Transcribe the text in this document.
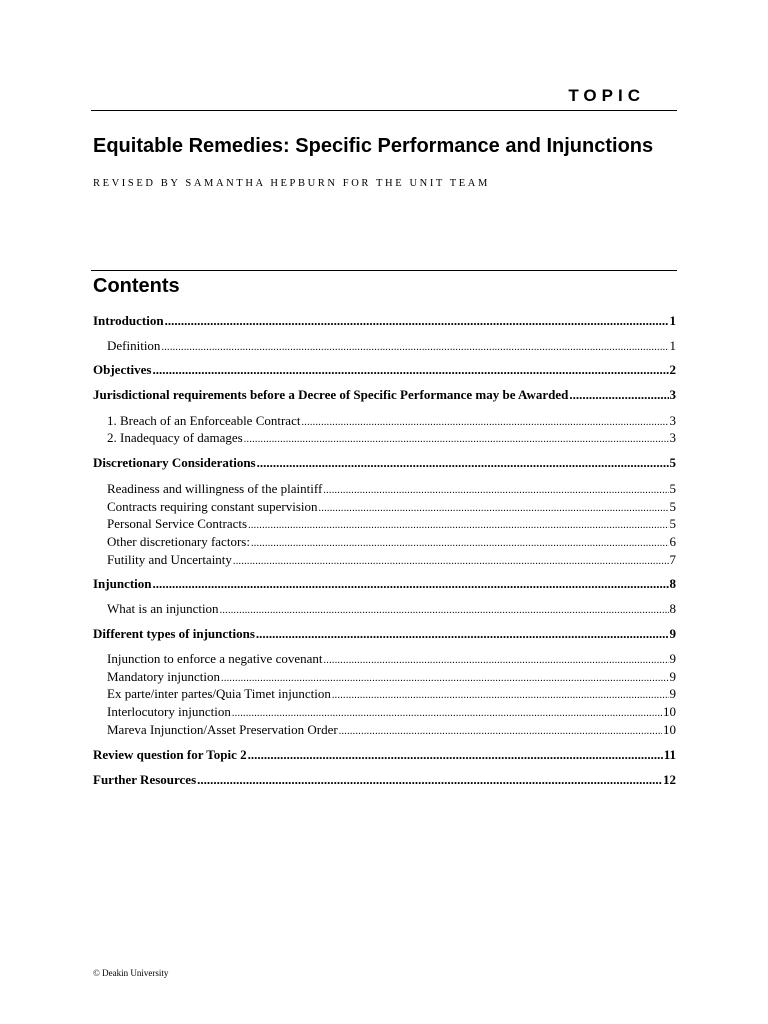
TOPIC
Equitable Remedies: Specific Performance and Injunctions
REVISED BY SAMANTHA HEPBURN FOR THE UNIT TEAM
Contents
Introduction .....	1
Definition .....	1
Objectives .....	2
Jurisdictional requirements before a Decree of Specific Performance may be Awarded .....	3
1. Breach of an Enforceable Contract .....	3
2. Inadequacy of damages .....	3
Discretionary Considerations .....	5
Readiness and willingness of the plaintiff .....	5
Contracts requiring constant supervision .....	5
Personal Service Contracts .....	5
Other discretionary factors: .....	6
Futility and Uncertainty .....	7
Injunction .....	8
What is an injunction .....	8
Different types of injunctions .....	9
Injunction to enforce a negative covenant .....	9
Mandatory injunction .....	9
Ex parte/inter partes/Quia Timet injunction .....	9
Interlocutory injunction .....	10
Mareva Injunction/Asset Preservation Order .....	10
Review question for Topic 2 .....	11
Further Resources .....	12
© Deakin University
